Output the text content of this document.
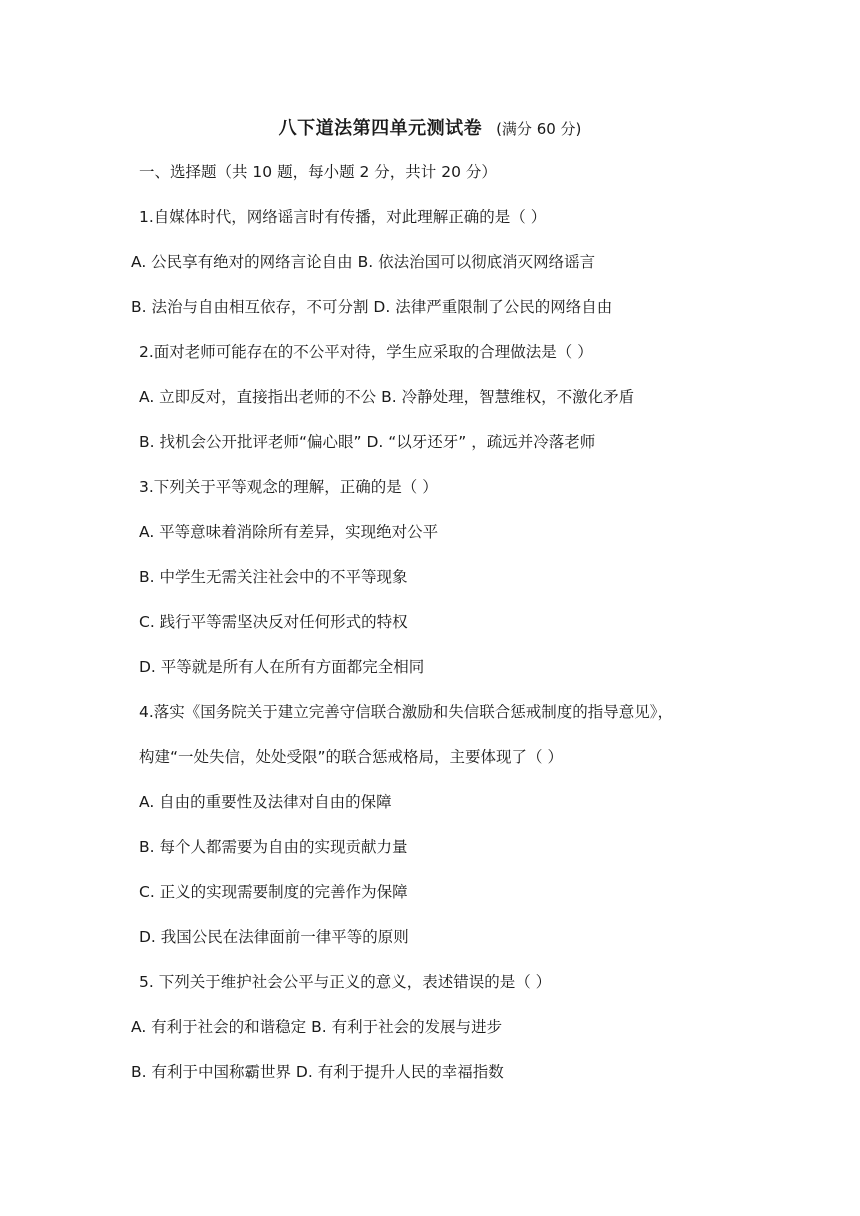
八下道法第四单元测试卷 (满分 60 分)
一、选择题（共 10 题，每小题 2 分，共计 20 分）
1.自媒体时代，网络谣言时有传播，对此理解正确的是（ ）
A. 公民享有绝对的网络言论自由 B. 依法治国可以彻底消灭网络谣言
B. 法治与自由相互依存，不可分割 D. 法律严重限制了公民的网络自由
2.面对老师可能存在的不公平对待，学生应采取的合理做法是（ ）
A. 立即反对，直接指出老师的不公 B. 冷静处理，智慧维权，不激化矛盾
B. 找机会公开批评老师“偏心眼” D. “以牙还牙” ，疏远并冷落老师
3.下列关于平等观念的理解，正确的是（ ）
A. 平等意味着消除所有差异，实现绝对公平
B. 中学生无需关注社会中的不平等现象
C. 践行平等需坚决反对任何形式的特权
D. 平等就是所有人在所有方面都完全相同
4.落实《国务院关于建立完善守信联合激励和失信联合惩戒制度的指导意见》，
构建“一处失信，处处受限”的联合惩戒格局，主要体现了（ ）
A. 自由的重要性及法律对自由的保障
B. 每个人都需要为自由的实现贡献力量
C. 正义的实现需要制度的完善作为保障
D. 我国公民在法律面前一律平等的原则
5. 下列关于维护社会公平与正义的意义，表述错误的是（ ）
A. 有利于社会的和谐稳定 B. 有利于社会的发展与进步
B. 有利于中国称霸世界 D. 有利于提升人民的幸福指数
